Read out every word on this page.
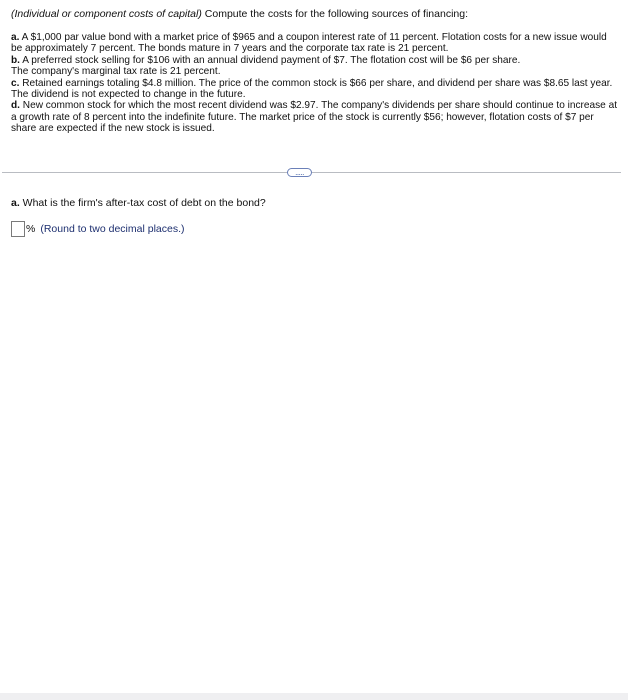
(Individual or component costs of capital) Compute the costs for the following sources of financing:

a. A $1,000 par value bond with a market price of $965 and a coupon interest rate of 11 percent. Flotation costs for a new issue would be approximately 7 percent. The bonds mature in 7 years and the corporate tax rate is 21 percent.

b. A preferred stock selling for $106 with an annual dividend payment of $7. The flotation cost will be $6 per share.

The company's marginal tax rate is 21 percent.

c. Retained earnings totaling $4.8 million. The price of the common stock is $66 per share, and dividend per share was $8.65 last year. The dividend is not expected to change in the future.

d. New common stock for which the most recent dividend was $2.97. The company's dividends per share should continue to increase at a growth rate of 8 percent into the indefinite future. The market price of the stock is currently $56; however, flotation costs of $7 per share are expected if the new stock is issued.

.....
a. What is the firm's after-tax cost of debt on the bond?
% (Round to two decimal places.)
